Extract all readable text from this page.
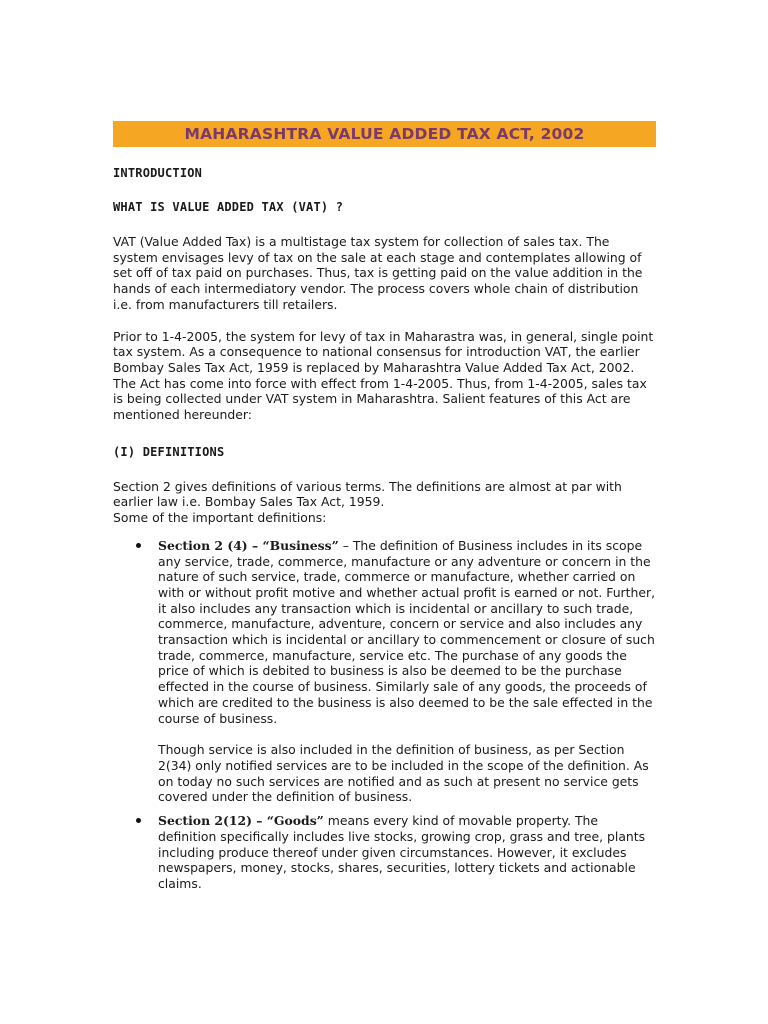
MAHARASHTRA VALUE ADDED TAX ACT, 2002

INTRODUCTION

WHAT IS VALUE ADDED TAX (VAT) ?

VAT (Value Added Tax) is a multistage tax system for collection of sales tax. The system envisages levy of tax on the sale at each stage and contemplates allowing of set off of tax paid on purchases. Thus, tax is getting paid on the value addition in the hands of each intermediatory vendor. The process covers whole chain of distribution i.e. from manufacturers till retailers.

Prior to 1-4-2005, the system for levy of tax in Maharastra was, in general, single point tax system. As a consequence to national consensus for introduction VAT, the earlier Bombay Sales Tax Act, 1959 is replaced by Maharashtra Value Added Tax Act, 2002. The Act has come into force with effect from 1-4-2005. Thus, from 1-4-2005, sales tax is being collected under VAT system in Maharashtra. Salient features of this Act are mentioned hereunder:

(I) DEFINITIONS

Section 2 gives definitions of various terms. The definitions are almost at par with earlier law i.e. Bombay Sales Tax Act, 1959.
Some of the important definitions:

Section 2 (4) – “Business” – The definition of Business includes in its scope any service, trade, commerce, manufacture or any adventure or concern in the nature of such service, trade, commerce or manufacture, whether carried on with or without profit motive and whether actual profit is earned or not. Further, it also includes any transaction which is incidental or ancillary to such trade, commerce, manufacture, adventure, concern or service and also includes any transaction which is incidental or ancillary to commencement or closure of such trade, commerce, manufacture, service etc. The purchase of any goods the price of which is debited to business is also be deemed to be the purchase effected in the course of business. Similarly sale of any goods, the proceeds of which are credited to the business is also deemed to be the sale effected in the course of business.

Though service is also included in the definition of business, as per Section 2(34) only notified services are to be included in the scope of the definition. As on today no such services are notified and as such at present no service gets covered under the definition of business.

Section 2(12) – “Goods” means every kind of movable property. The definition specifically includes live stocks, growing crop, grass and tree, plants including produce thereof under given circumstances. However, it excludes newspapers, money, stocks, shares, securities, lottery tickets and actionable claims.
